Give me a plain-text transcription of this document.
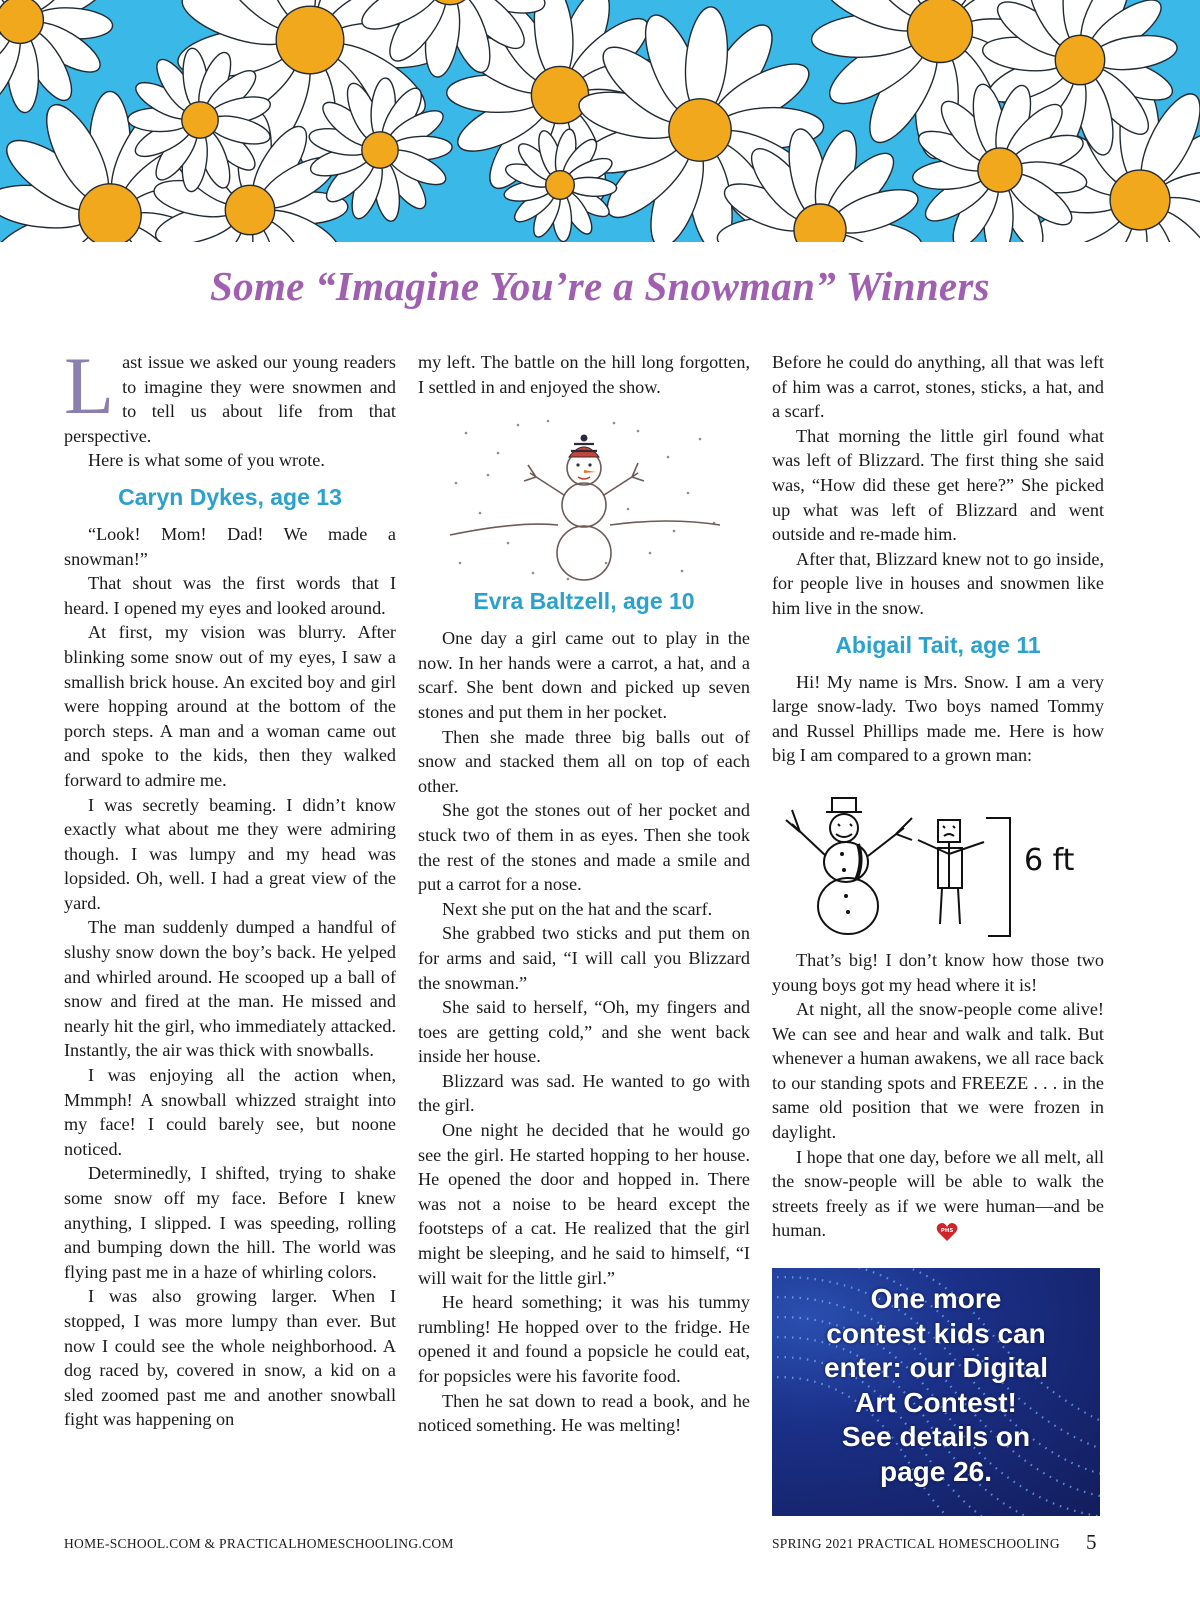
Some “Imagine You’re a Snowman” Winners

Last issue we asked our young readers to imagine they were snowmen and to tell us about life from that perspective.

Here is what some of you wrote.

Caryn Dykes, age 13

“Look! Mom! Dad! We made a snowman!”

That shout was the first words that I heard. I opened my eyes and looked around.

At first, my vision was blurry. After blinking some snow out of my eyes, I saw a smallish brick house. An excited boy and girl were hopping around at the bottom of the porch steps. A man and a woman came out and spoke to the kids, then they walked forward to admire me.

I was secretly beaming. I didn’t know exactly what about me they were admiring though. I was lumpy and my head was lopsided. Oh, well. I had a great view of the yard.

The man suddenly dumped a handful of slushy snow down the boy’s back. He yelped and whirled around. He scooped up a ball of snow and fired at the man. He missed and nearly hit the girl, who immediately attacked. Instantly, the air was thick with snowballs.

I was enjoying all the action when, Mmmph! A snowball whizzed straight into my face! I could barely see, but noone noticed.

Determinedly, I shifted, trying to shake some snow off my face. Before I knew anything, I slipped. I was speeding, rolling and bumping down the hill. The world was flying past me in a haze of whirling colors.

I was also growing larger. When I stopped, I was more lumpy than ever. But now I could see the whole neighborhood. A dog raced by, covered in snow, a kid on a sled zoomed past me and another snowball fight was happening on

my left. The battle on the hill long forgotten, I settled in and enjoyed the show.

Evra Baltzell, age 10

One day a girl came out to play in the now. In her hands were a carrot, a hat, and a scarf. She bent down and picked up seven stones and put them in her pocket.

Then she made three big balls out of snow and stacked them all on top of each other.

She got the stones out of her pocket and stuck two of them in as eyes. Then she took the rest of the stones and made a smile and put a carrot for a nose.

Next she put on the hat and the scarf.

She grabbed two sticks and put them on for arms and said, “I will call you Blizzard the snowman.”

She said to herself, “Oh, my fingers and toes are getting cold,” and she went back inside her house.

Blizzard was sad. He wanted to go with the girl.

One night he decided that he would go see the girl. He started hopping to her house. He opened the door and hopped in. There was not a noise to be heard except the footsteps of a cat. He realized that the girl might be sleeping, and he said to himself, “I will wait for the little girl.”

He heard something; it was his tummy rumbling! He hopped over to the fridge. He opened it and found a popsicle he could eat, for popsicles were his favorite food.

Then he sat down to read a book, and he noticed something. He was melting!

Before he could do anything, all that was left of him was a carrot, stones, sticks, a hat, and a scarf.

That morning the little girl found what was left of Blizzard. The first thing she said was, “How did these get here?” She picked up what was left of Blizzard and went outside and re-made him.

After that, Blizzard knew not to go inside, for people live in houses and snowmen like him live in the snow.

Abigail Tait, age 11

Hi! My name is Mrs. Snow. I am a very large snow-lady. Two boys named Tommy and Russel Phillips made me. Here is how big I am compared to a grown man:

6 ft

That’s big! I don’t know how those two young boys got my head where it is!

At night, all the snow-people come alive! We can see and hear and walk and talk. But whenever a human awakens, we all race back to our standing spots and FREEZE . . . in the same old position that we were frozen in daylight.

I hope that one day, before we all melt, all the snow-people will be able to walk the streets freely as if we were human—and be human.	PHS

One more
contest kids can
enter: our Digital
Art Contest!
See details on
page 26.
HOME-SCHOOL.COM & PRACTICALHOMESCHOOLING.COM	SPRING 2021 PRACTICAL HOMESCHOOLING 5
